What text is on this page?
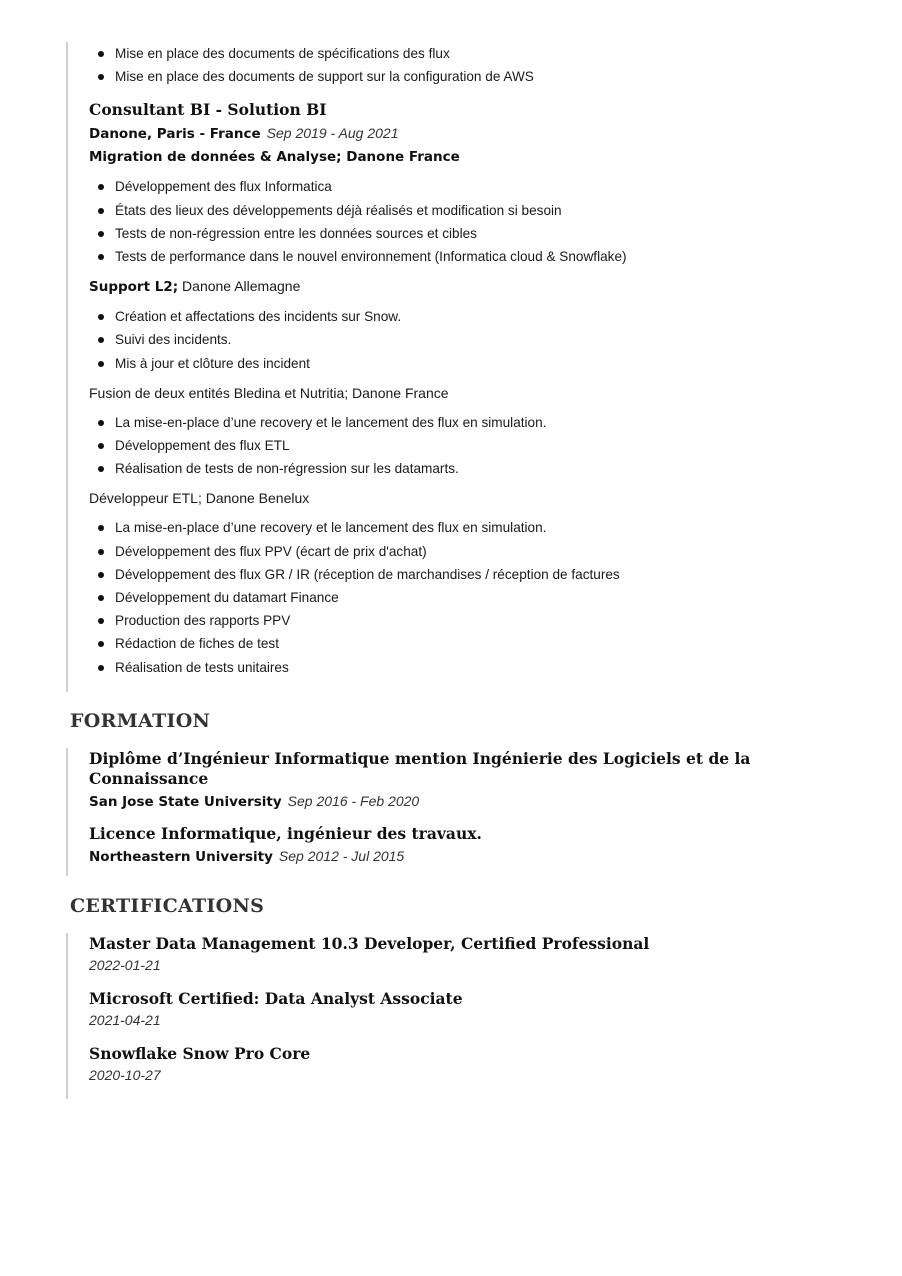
Mise en place des documents de spécifications des flux
Mise en place des documents de support sur la configuration de AWS
Consultant BI - Solution BI
Danone, Paris - France Sep 2019 - Aug 2021
Migration de données & Analyse; Danone France
Développement des flux Informatica
États des lieux des développements déjà réalisés et modification si besoin
Tests de non-régression entre les données sources et cibles
Tests de performance dans le nouvel environnement (Informatica cloud & Snowflake)
Support L2; Danone Allemagne
Création et affectations des incidents sur Snow.
Suivi des incidents.
Mis à jour et clôture des incident
Fusion de deux entités Bledina et Nutritia; Danone France
La mise-en-place d’une recovery et le lancement des flux en simulation.
Développement des flux ETL
Réalisation de tests de non-régression sur les datamarts.
Développeur ETL; Danone Benelux
La mise-en-place d’une recovery et le lancement des flux en simulation.
Développement des flux PPV (écart de prix d'achat)
Développement des flux GR / IR (réception de marchandises / réception de factures
Développement du datamart Finance
Production des rapports PPV
Rédaction de fiches de test
Réalisation de tests unitaires
FORMATION
Diplôme d’Ingénieur Informatique mention Ingénierie des Logiciels et de la Connaissance
San Jose State University Sep 2016 - Feb 2020
Licence Informatique, ingénieur des travaux.
Northeastern University Sep 2012 - Jul 2015
CERTIFICATIONS
Master Data Management 10.3 Developer, Certified Professional
2022-01-21
Microsoft Certified: Data Analyst Associate
2021-04-21
Snowflake Snow Pro Core
2020-10-27
